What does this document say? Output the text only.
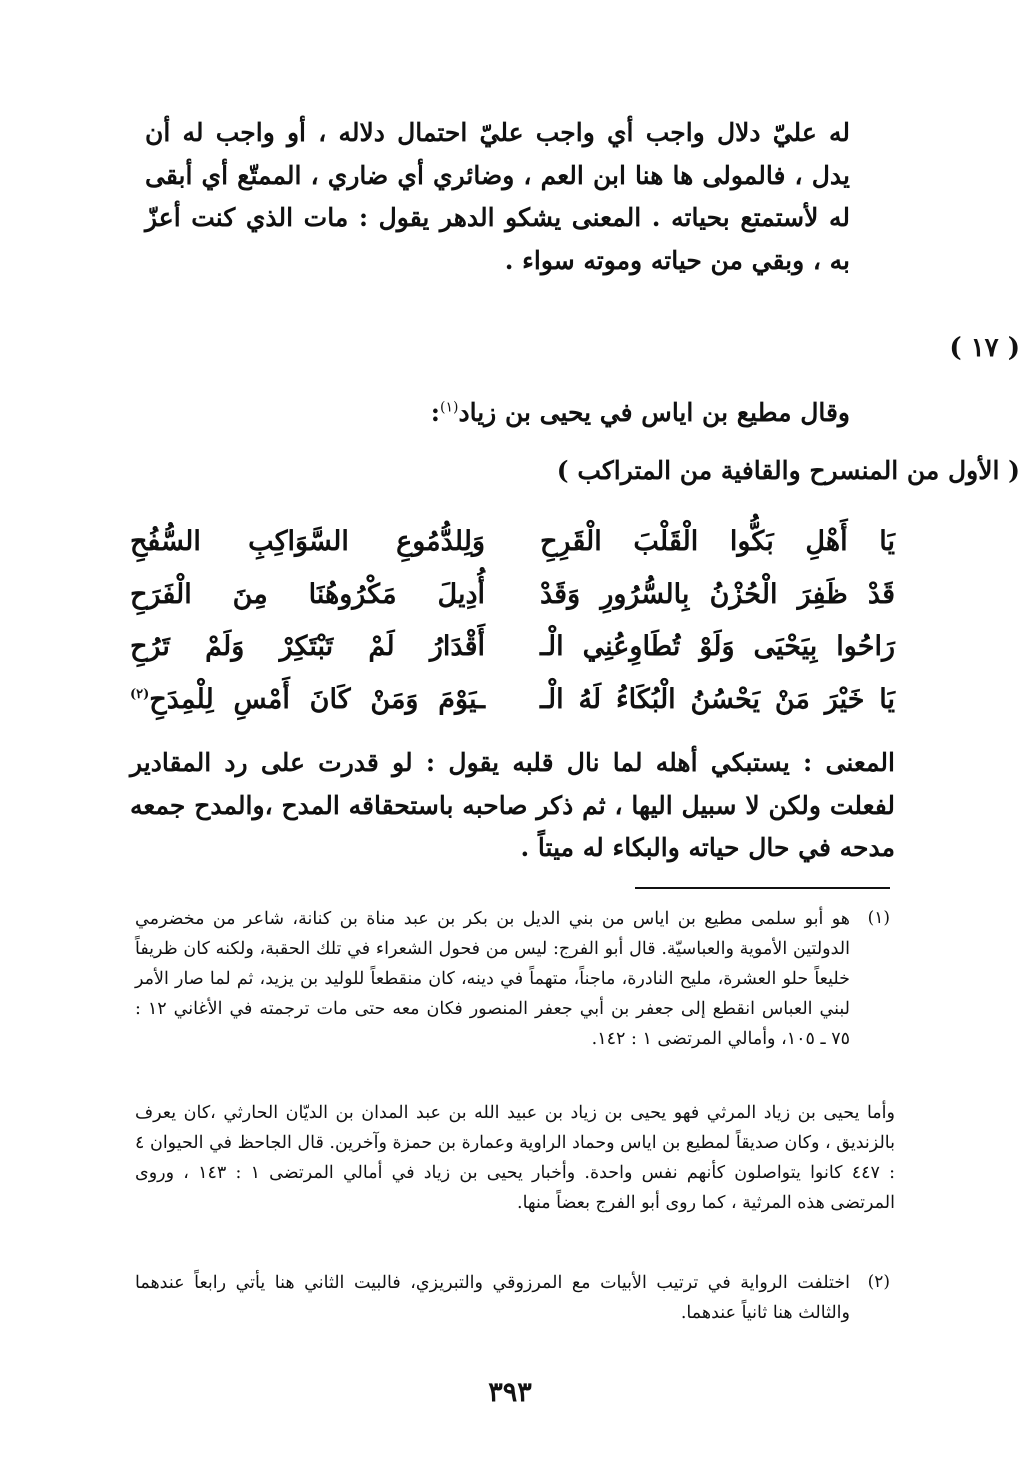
له عليّ دلال واجب أي واجب عليّ احتمال دلاله ، أو واجب له أن يدل ، فالمولى ها هنا ابن العم ، وضائري أي ضاري ، الممتّع أي أبقى له لأستمتع بحياته . المعنى يشكو الدهر يقول : مات الذي كنت أعزّ به ، وبقي من حياته وموته سواء .
( ١٧ )
وقال مطيع بن اياس في يحيى بن زياد$^{(١)}$:
( الأول من المنسرح والقافية من المتراكب )
يَا أَهْلِ بَكُّوا الْقَلْبَ الْقَرِحِ
وَلِلدُّمُوعِ السَّوَاكِبِ السُّفُحِ
قَدْ ظَفِرَ الْحُزْنُ بِالسُّرُورِ وَقَدْ
أُدِيلَ مَكْرُوهُنَا مِنَ الْفَرَحِ
رَاحُوا بِيَحْيَى وَلَوْ تُطَاوِعُنِي الْـ
أَقْدَارُ لَمْ تَبْتَكِرْ وَلَمْ تَرُحِ
يَا خَيْرَ مَنْ يَحْسُنُ الْبُكَاءُ لَهُ الْـ
ـيَوْمَ وَمَنْ كَانَ أَمْسِ لِلْمِدَحِ$^{(٢)}$
المعنى : يستبكي أهله لما نال قلبه يقول : لو قدرت على رد المقادير لفعلت ولكن لا سبيل اليها ، ثم ذكر صاحبه باستحقاقه المدح ،والمدح جمعه مدحه في حال حياته والبكاء له ميتاً .
(١)
هو أبو سلمى مطيع بن اياس من بني الديل بن بكر بن عبد مناة بن كنانة، شاعر من مخضرمي الدولتين الأموية والعباسيّة. قال أبو الفرج: ليس من فحول الشعراء في تلك الحقبة، ولكنه كان ظريفاً خليعاً حلو العشرة، مليح النادرة، ماجناً، متهماً في دينه، كان منقطعاً للوليد بن يزيد، ثم لما صار الأمر لبني العباس انقطع إلى جعفر بن أبي جعفر المنصور فكان معه حتى مات ترجمته في الأغاني ١٢ : ٧٥ ـ ١٠٥، وأمالي المرتضى ١ : ١٤٢.
وأما يحيى بن زياد المرثي فهو يحيى بن زياد بن عبيد الله بن عبد المدان بن الديّان الحارثي ،كان يعرف بالزنديق ، وكان صديقاً لمطيع بن اياس وحماد الراوية وعمارة بن حمزة وآخرين. قال الجاحظ في الحيوان ٤ : ٤٤٧ كانوا يتواصلون كأنهم نفس واحدة. وأخبار يحيى بن زياد في أمالي المرتضى ١ : ١٤٣ ، وروى المرتضى هذه المرثية ، كما روى أبو الفرج بعضاً منها.
(٢)
اختلفت الرواية في ترتيب الأبيات مع المرزوقي والتبريزي، فالبيت الثاني هنا يأتي رابعاً عندهما والثالث هنا ثانياً عندهما.
٣٩٣
